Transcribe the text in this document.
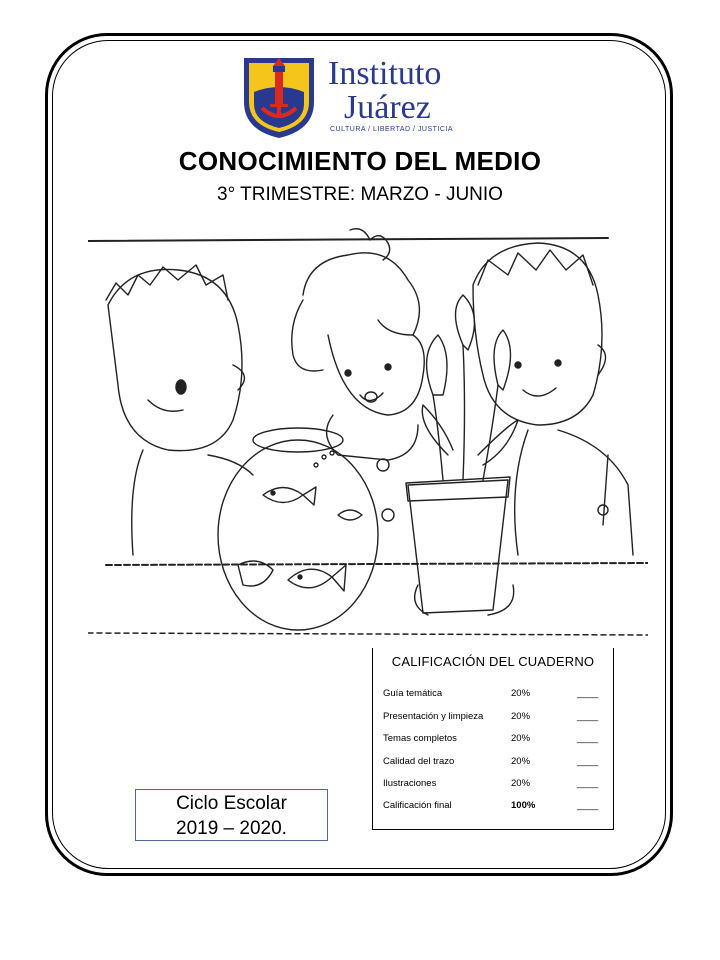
Instituto
Juárez
CULTURA / LIBERTAD / JUSTICIA
CONOCIMIENTO DEL MEDIO
3° TRIMESTRE: MARZO - JUNIO
CALIFICACIÓN DEL CUADERNO
Guía temática	20%	____
Presentación y limpieza	20%	____
Temas completos	20%	____
Calidad del trazo	20%	____
Ilustraciones	20%	____
Calificación final	100%	____
Ciclo Escolar
2019 – 2020.
